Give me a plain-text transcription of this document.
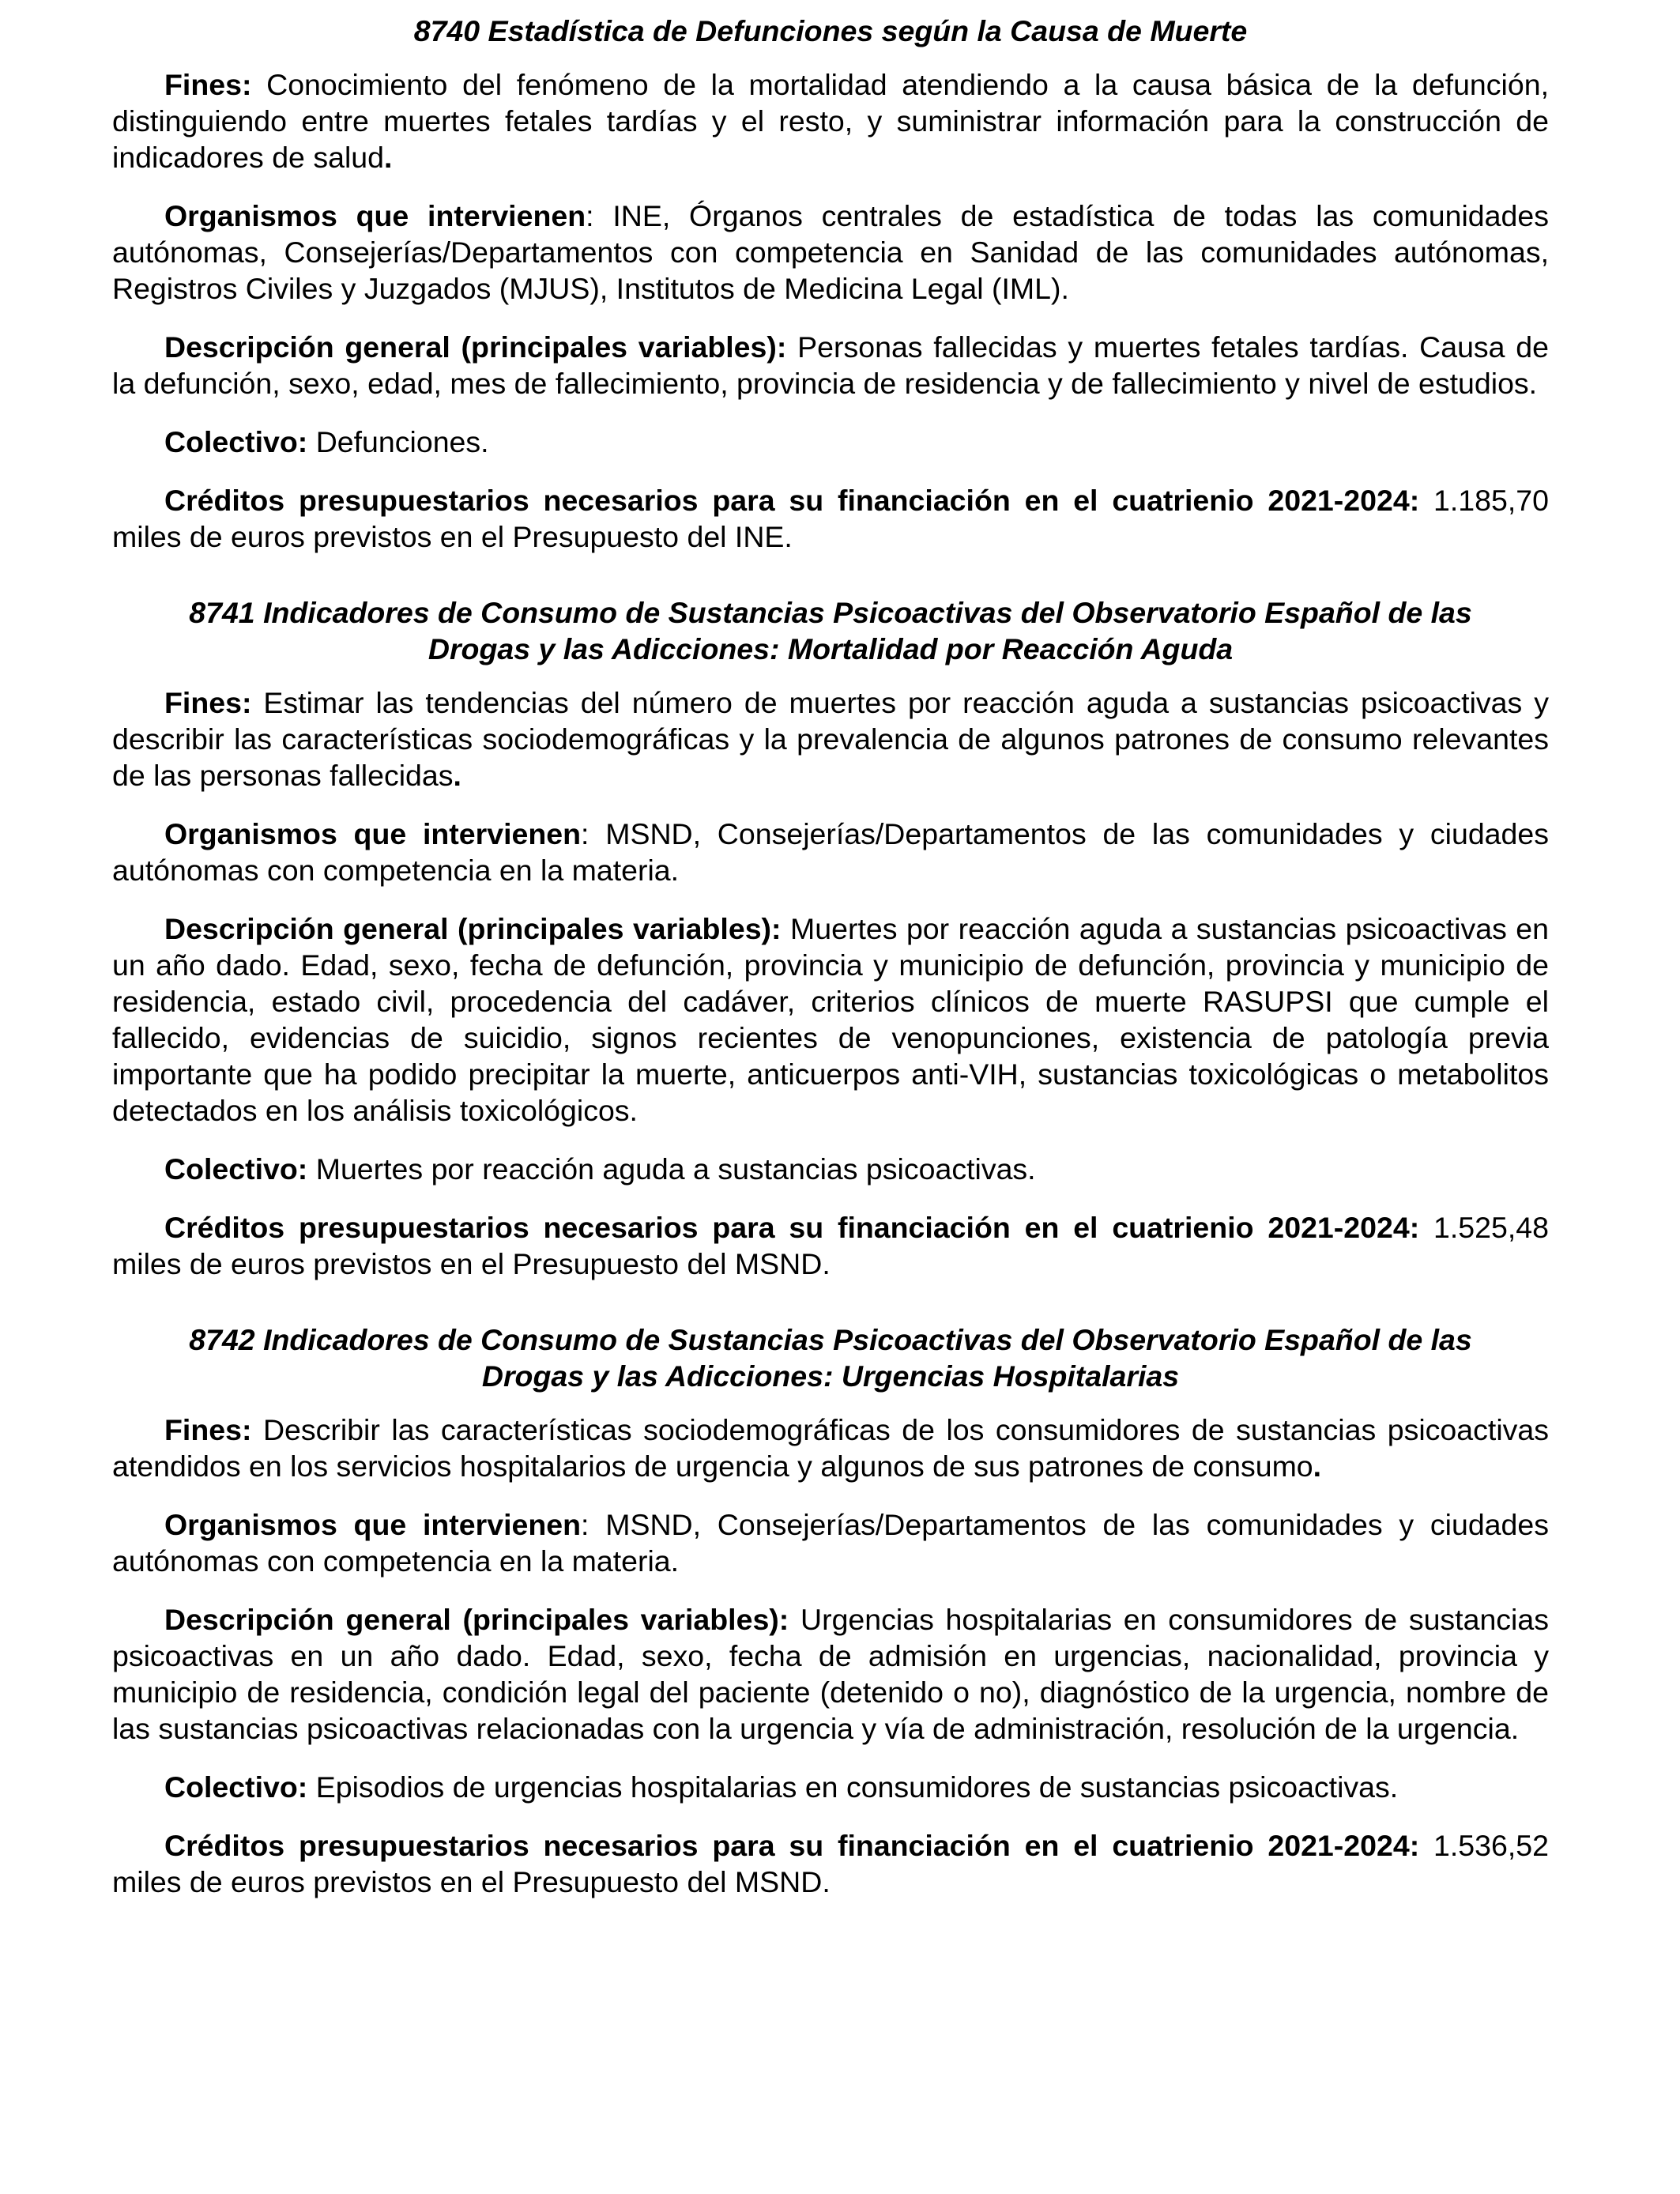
8740 Estadística de Defunciones según la Causa de Muerte

Fines: Conocimiento del fenómeno de la mortalidad atendiendo a la causa básica de la defunción, distinguiendo entre muertes fetales tardías y el resto, y suministrar información para la construcción de indicadores de salud.

Organismos que intervienen: INE, Órganos centrales de estadística de todas las comunidades autónomas, Consejerías/Departamentos con competencia en Sanidad de las comunidades autónomas, Registros Civiles y Juzgados (MJUS), Institutos de Medicina Legal (IML).

Descripción general (principales variables): Personas fallecidas y muertes fetales tardías. Causa de la defunción, sexo, edad, mes de fallecimiento, provincia de residencia y de fallecimiento y nivel de estudios.

Colectivo: Defunciones.

Créditos presupuestarios necesarios para su financiación en el cuatrienio 2021-2024: 1.185,70 miles de euros previstos en el Presupuesto del INE.

8741 Indicadores de Consumo de Sustancias Psicoactivas del Observatorio Español de las Drogas y las Adicciones: Mortalidad por Reacción Aguda

Fines: Estimar las tendencias del número de muertes por reacción aguda a sustancias psicoactivas y describir las características sociodemográficas y la prevalencia de algunos patrones de consumo relevantes de las personas fallecidas.

Organismos que intervienen: MSND, Consejerías/Departamentos de las comunidades y ciudades autónomas con competencia en la materia.

Descripción general (principales variables): Muertes por reacción aguda a sustancias psicoactivas en un año dado. Edad, sexo, fecha de defunción, provincia y municipio de defunción, provincia y municipio de residencia, estado civil, procedencia del cadáver, criterios clínicos de muerte RASUPSI que cumple el fallecido, evidencias de suicidio, signos recientes de venopunciones, existencia de patología previa importante que ha podido precipitar la muerte, anticuerpos anti-VIH, sustancias toxicológicas o metabolitos detectados en los análisis toxicológicos.

Colectivo: Muertes por reacción aguda a sustancias psicoactivas.

Créditos presupuestarios necesarios para su financiación en el cuatrienio 2021-2024: 1.525,48 miles de euros previstos en el Presupuesto del MSND.

8742 Indicadores de Consumo de Sustancias Psicoactivas del Observatorio Español de las Drogas y las Adicciones: Urgencias Hospitalarias

Fines: Describir las características sociodemográficas de los consumidores de sustancias psicoactivas atendidos en los servicios hospitalarios de urgencia y algunos de sus patrones de consumo.

Organismos que intervienen: MSND, Consejerías/Departamentos de las comunidades y ciudades autónomas con competencia en la materia.

Descripción general (principales variables): Urgencias hospitalarias en consumidores de sustancias psicoactivas en un año dado. Edad, sexo, fecha de admisión en urgencias, nacionalidad, provincia y municipio de residencia, condición legal del paciente (detenido o no), diagnóstico de la urgencia, nombre de las sustancias psicoactivas relacionadas con la urgencia y vía de administración, resolución de la urgencia.

Colectivo: Episodios de urgencias hospitalarias en consumidores de sustancias psicoactivas.

Créditos presupuestarios necesarios para su financiación en el cuatrienio 2021-2024: 1.536,52 miles de euros previstos en el Presupuesto del MSND.
